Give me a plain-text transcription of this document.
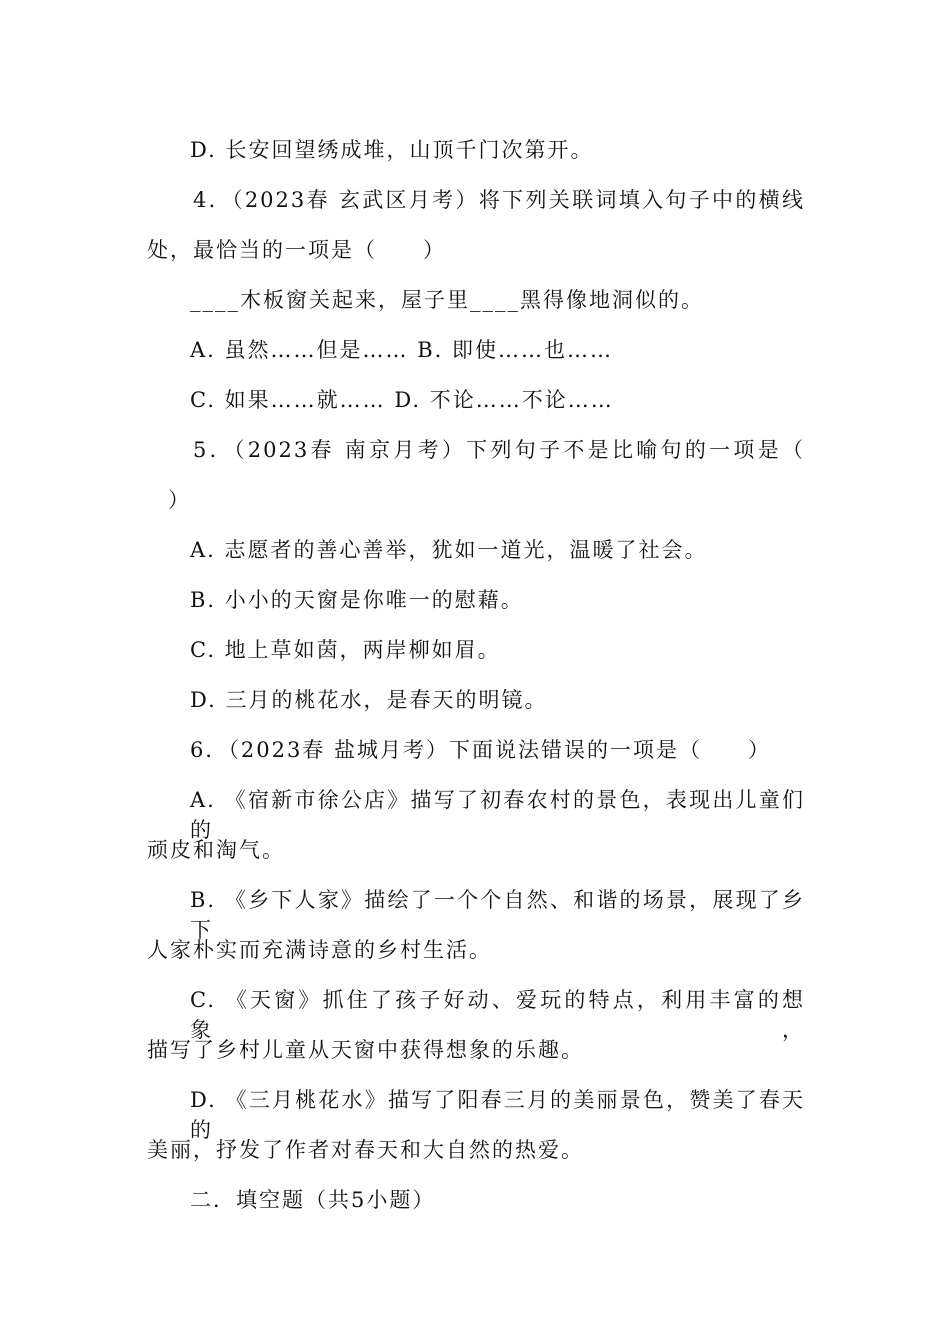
D. 长安回望绣成堆，山顶千门次第开。
4．（2023春 玄武区月考）将下列关联词填入句子中的横线
处，最恰当的一项是（　　）
____木板窗关起来，屋子里____黑得像地洞似的。
A. 虽然……但是…… B. 即使……也……
C. 如果……就…… D. 不论……不论……
5．（2023春 南京月考）下列句子不是比喻句的一项是（
）
A. 志愿者的善心善举，犹如一道光，温暖了社会。
B. 小小的天窗是你唯一的慰藉。
C. 地上草如茵，两岸柳如眉。
D. 三月的桃花水，是春天的明镜。
6．（2023春 盐城月考）下面说法错误的一项是（　　）
A. 《宿新市徐公店》描写了初春农村的景色，表现出儿童们的
顽皮和淘气。
B. 《乡下人家》描绘了一个个自然、和谐的场景，展现了乡下
人家朴实而充满诗意的乡村生活。
C. 《天窗》抓住了孩子好动、爱玩的特点，利用丰富的想象，
描写了乡村儿童从天窗中获得想象的乐趣。
D. 《三月桃花水》描写了阳春三月的美丽景色，赞美了春天的
美丽，抒发了作者对春天和大自然的热爱。
二．填空题（共5小题）
